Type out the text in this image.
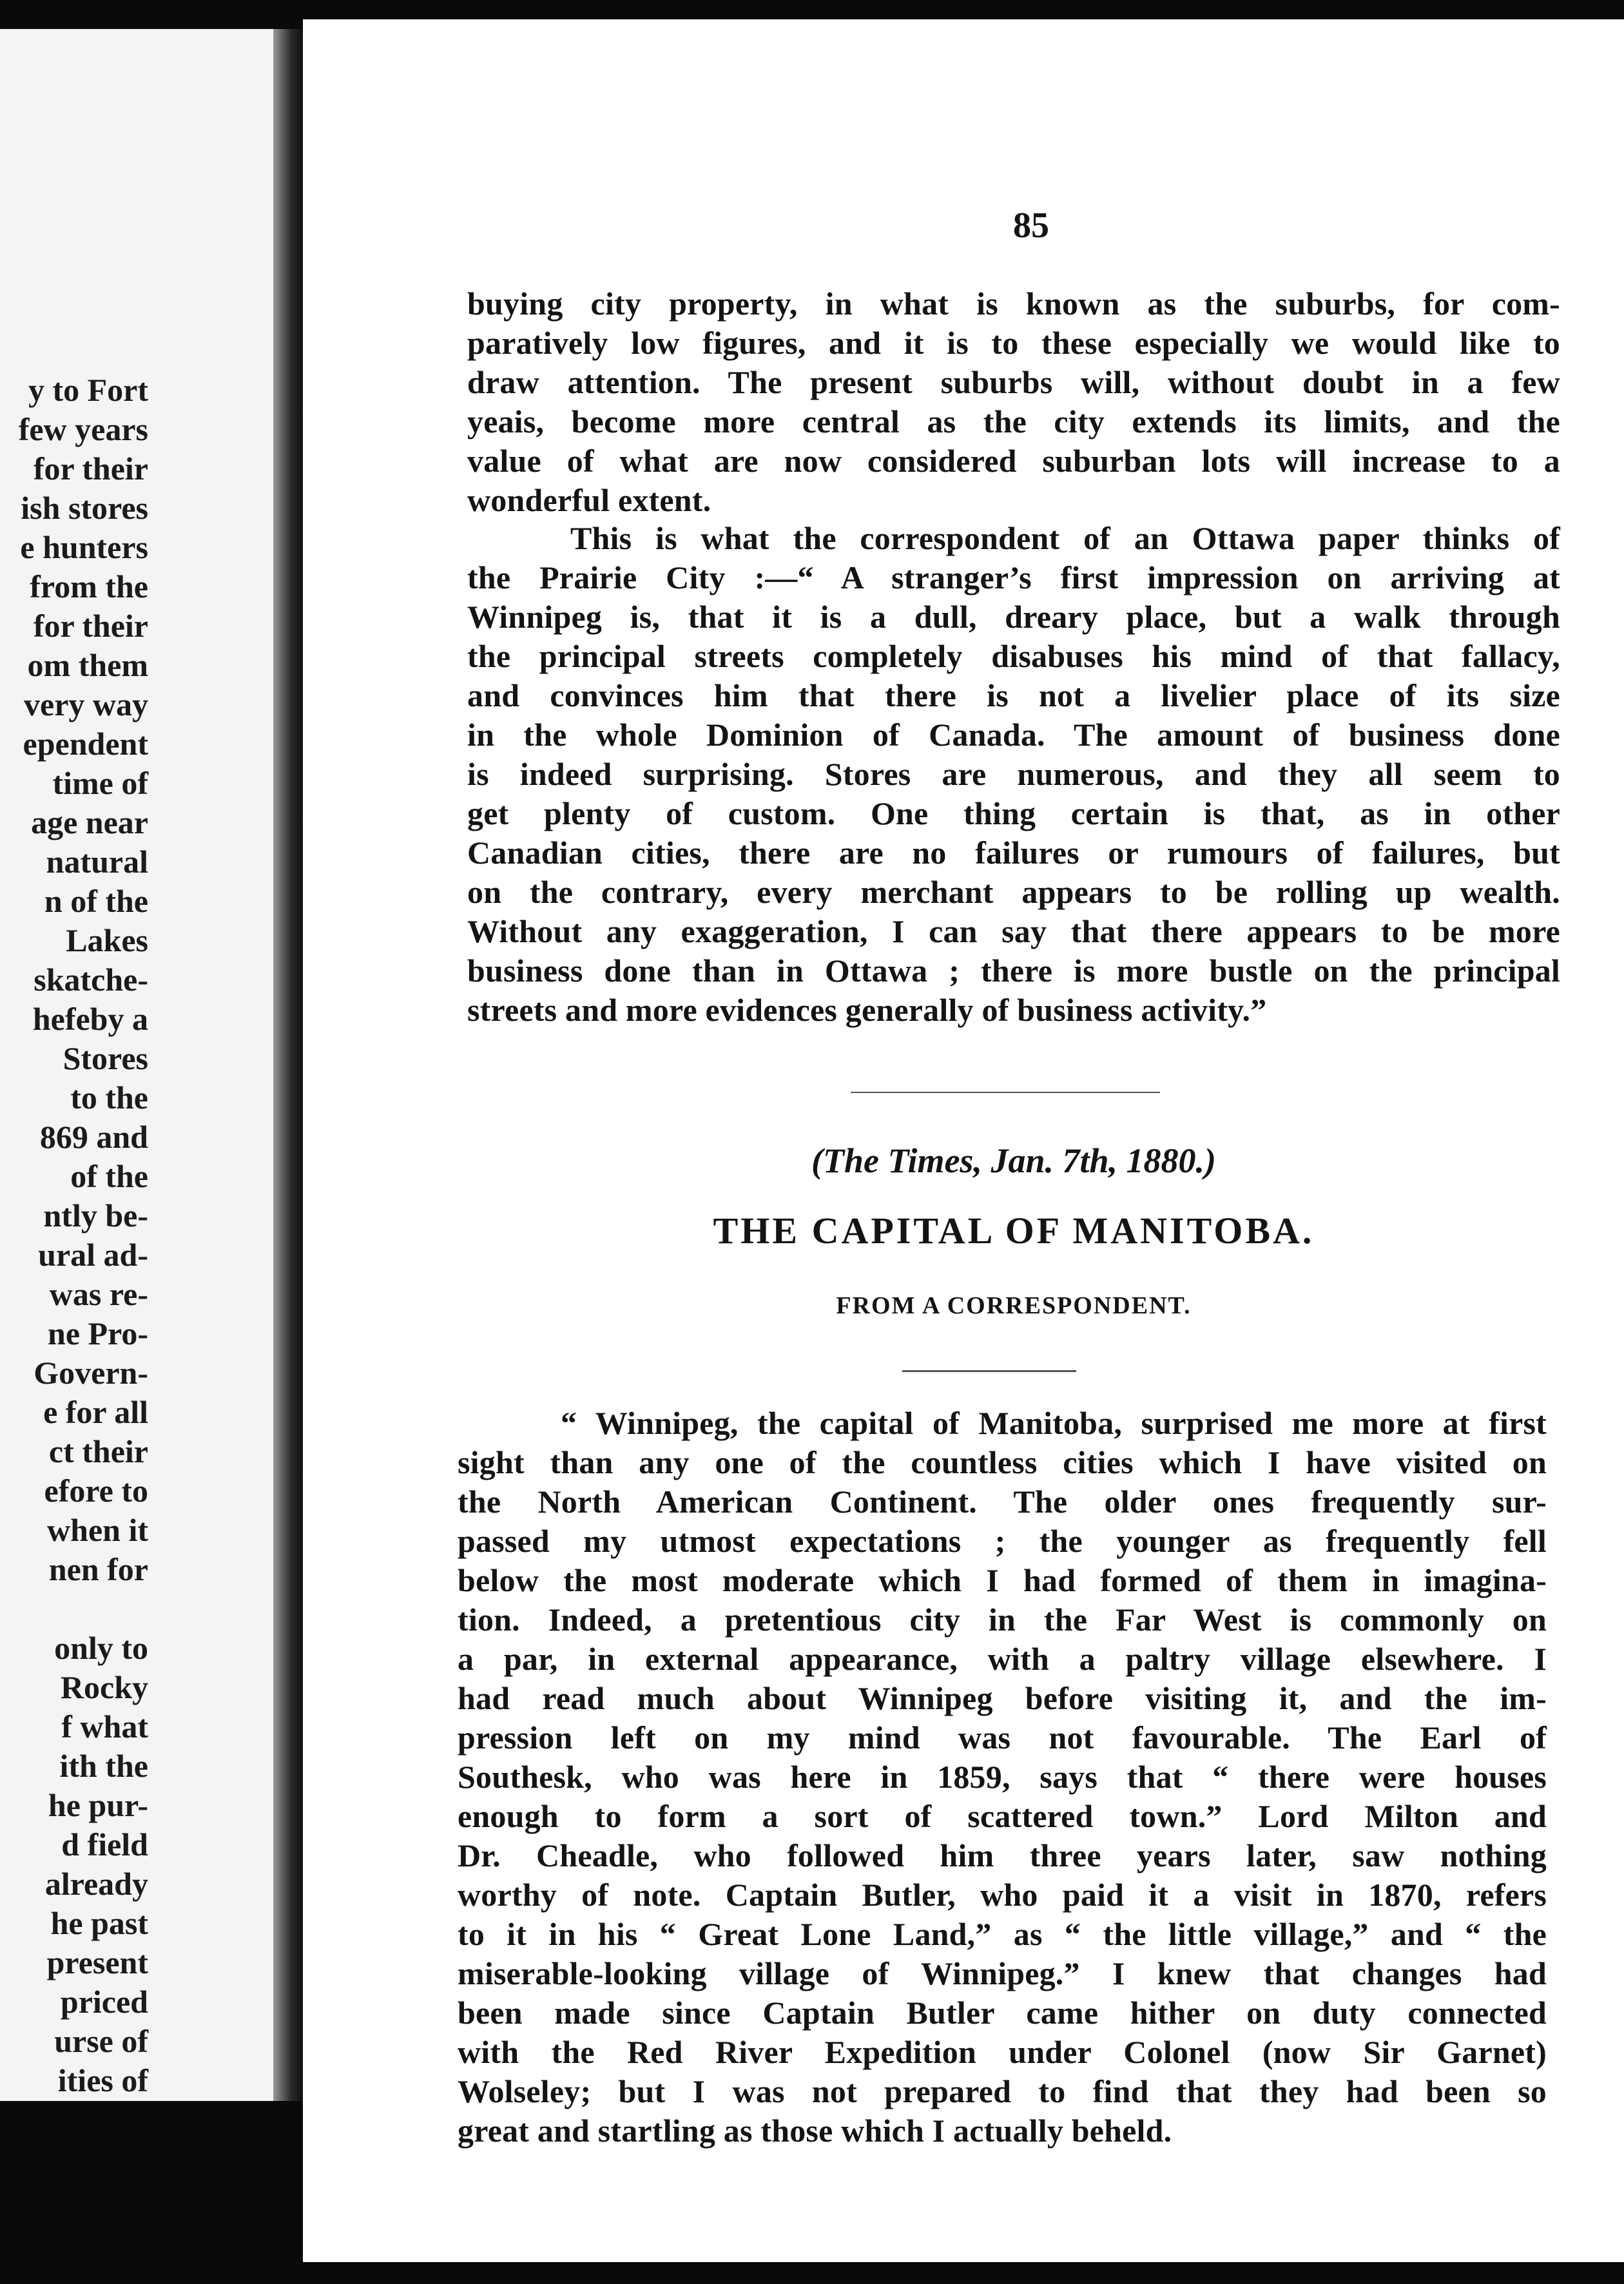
y to Fort
few years
for their
ish stores
e hunters
from the
for their
om them
very way
ependent
time of
age near
natural
n of the
Lakes
skatche-
hefeby a
Stores
to the
869 and
of the
ntly be-
ural ad-
was re-
ne Pro-
Govern-
e for all
ct their
efore to
when it
nen for
only to
Rocky
f what
ith the
he pur-
d field
already
he past
present
priced
urse of
ities of
85

buying city property, in what is known as the suburbs, for com-

paratively low figures, and it is to these especially we would like to

draw attention. The present suburbs will, without doubt in a few

yeais, become more central as the city extends its limits, and the

value of what are now considered suburban lots will increase to a

wonderful extent.

This is what the correspondent of an Ottawa paper thinks of

the Prairie City :—“ A stranger’s first impression on arriving at

Winnipeg is, that it is a dull, dreary place, but a walk through

the principal streets completely disabuses his mind of that fallacy,

and convinces him that there is not a livelier place of its size

in the whole Dominion of Canada. The amount of business done

is indeed surprising. Stores are numerous, and they all seem to

get plenty of custom. One thing certain is that, as in other

Canadian cities, there are no failures or rumours of failures, but

on the contrary, every merchant appears to be rolling up wealth.

Without any exaggeration, I can say that there appears to be more

business done than in Ottawa ; there is more bustle on the principal

streets and more evidences generally of business activity.”

(The Times, Jan. 7th, 1880.)
THE CAPITAL OF MANITOBA.
FROM A CORRESPONDENT.

“ Winnipeg, the capital of Manitoba, surprised me more at first

sight than any one of the countless cities which I have visited on

the North American Continent. The older ones frequently sur-

passed my utmost expectations ; the younger as frequently fell

below the most moderate which I had formed of them in imagina-

tion. Indeed, a pretentious city in the Far West is commonly on

a par, in external appearance, with a paltry village elsewhere. I

had read much about Winnipeg before visiting it, and the im-

pression left on my mind was not favourable. The Earl of

Southesk, who was here in 1859, says that “ there were houses

enough to form a sort of scattered town.” Lord Milton and

Dr. Cheadle, who followed him three years later, saw nothing

worthy of note. Captain Butler, who paid it a visit in 1870, refers

to it in his “ Great Lone Land,” as “ the little village,” and “ the

miserable-looking village of Winnipeg.” I knew that changes had

been made since Captain Butler came hither on duty connected

with the Red River Expedition under Colonel (now Sir Garnet)

Wolseley; but I was not prepared to find that they had been so

great and startling as those which I actually beheld.
